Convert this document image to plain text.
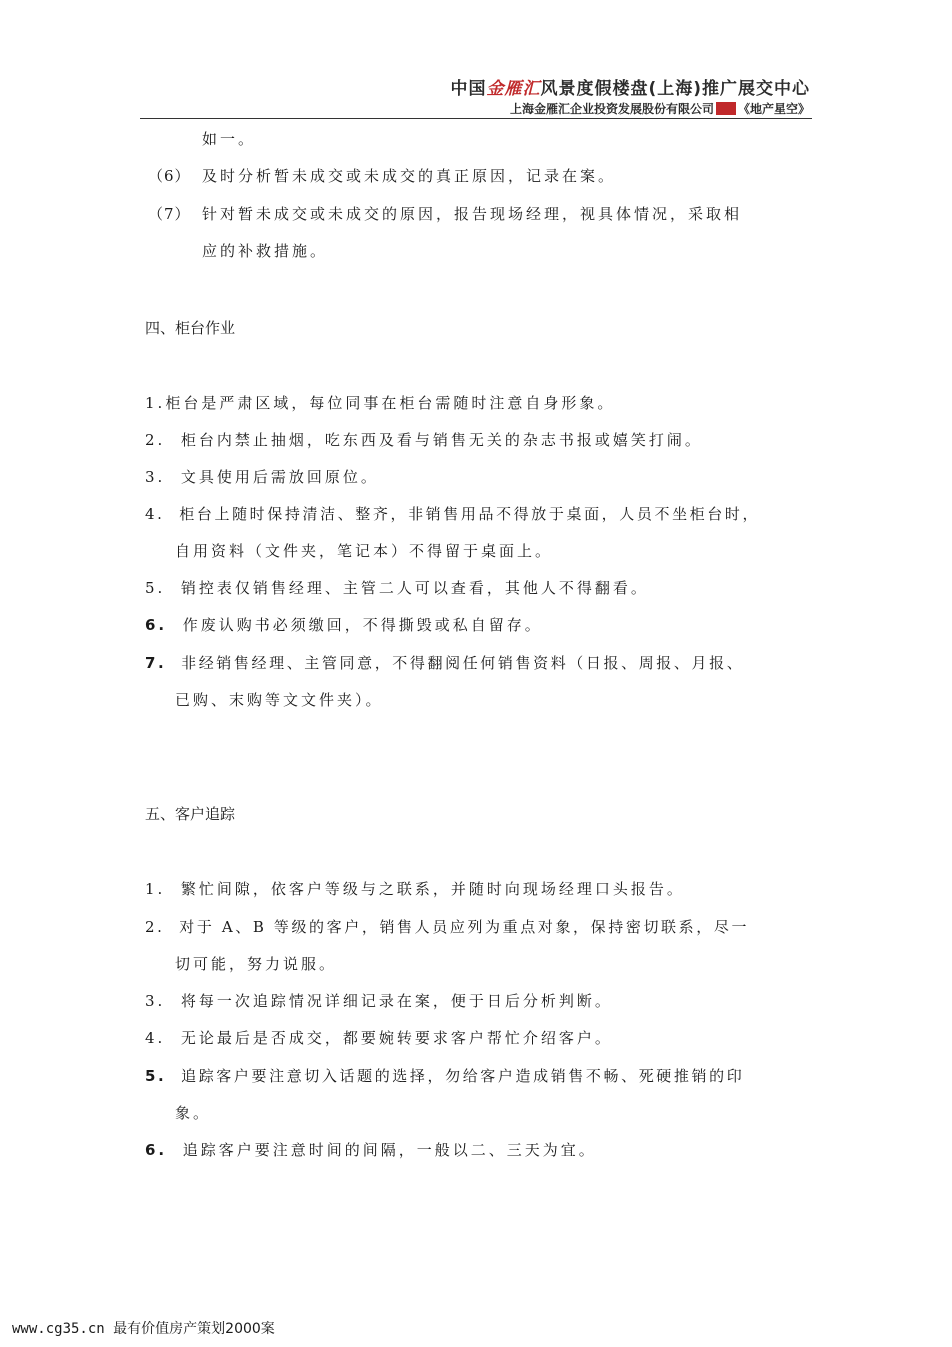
中国金雁汇风景度假楼盘(上海)推广展交中心
上海金雁汇企业投资发展股份有限公司 《地产星空》
如一。
（6） 及时分析暂未成交或未成交的真正原因，记录在案。
（7） 针对暂未成交或未成交的原因，报告现场经理，视具体情况，采取相
应的补救措施。
四、柜台作业
1.柜台是严肃区域，每位同事在柜台需随时注意自身形象。
2. 柜台内禁止抽烟，吃东西及看与销售无关的杂志书报或嬉笑打闹。
3. 文具使用后需放回原位。
4. 柜台上随时保持清洁、整齐，非销售用品不得放于桌面，人员不坐柜台时，
自用资料（文件夹，笔记本）不得留于桌面上。
5. 销控表仅销售经理、主管二人可以查看，其他人不得翻看。
6. 作废认购书必须缴回，不得撕毁或私自留存。
7. 非经销售经理、主管同意，不得翻阅任何销售资料（日报、周报、月报、
已购、末购等文文件夹）。
五、客户追踪
1. 繁忙间隙，依客户等级与之联系，并随时向现场经理口头报告。
2. 对于 A、B 等级的客户，销售人员应列为重点对象，保持密切联系，尽一
切可能，努力说服。
3. 将每一次追踪情况详细记录在案，便于日后分析判断。
4. 无论最后是否成交，都要婉转要求客户帮忙介绍客户。
5. 追踪客户要注意切入话题的选择，勿给客户造成销售不畅、死硬推销的印
象。
6. 追踪客户要注意时间的间隔，一般以二、三天为宜。
www.cg35.cn 最有价值房产策划2000案
